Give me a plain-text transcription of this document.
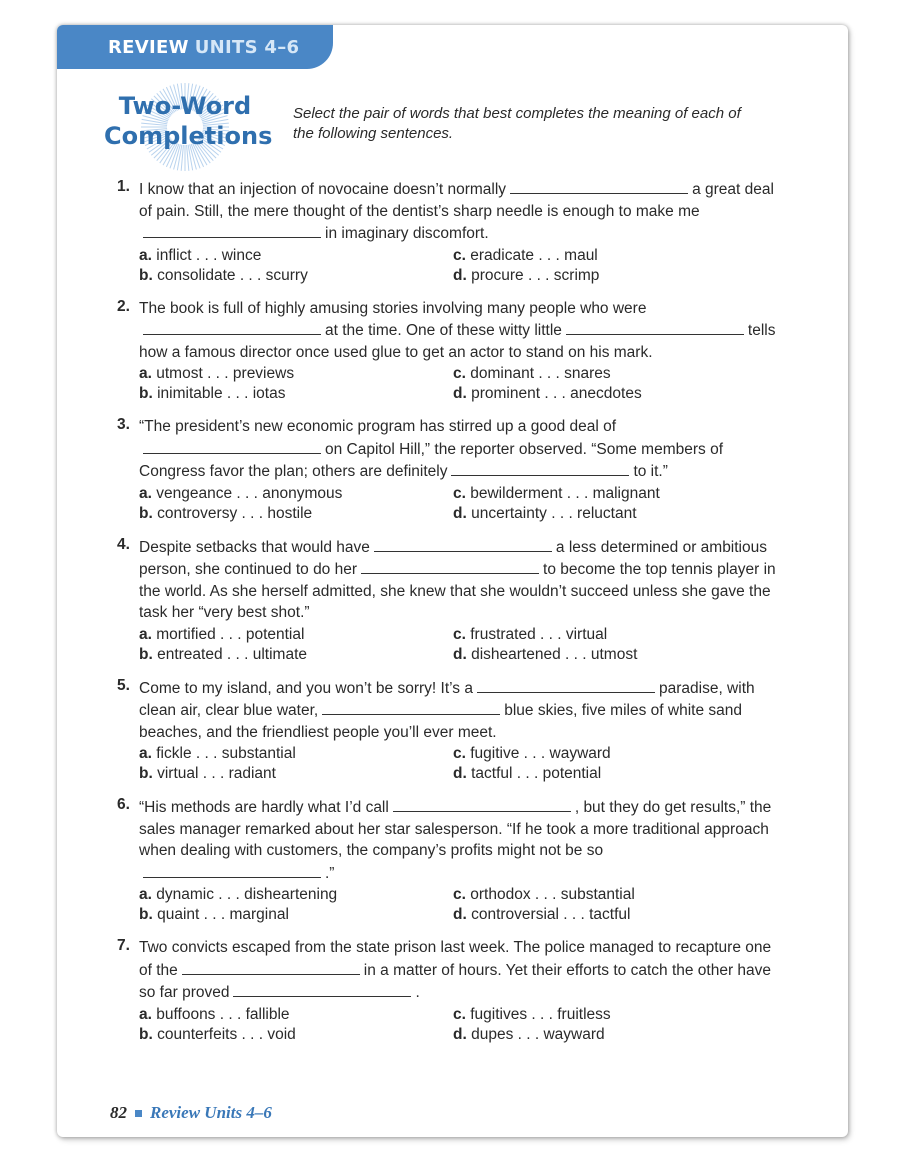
REVIEW UNITS 4–6
Two-Word
Completions
Select the pair of words that best completes the meaning of each of the following sentences.
1. I know that an injection of novocaine doesn’t normally	a great deal of pain. Still, the mere thought of the dentist’s sharp needle is enough to make mein imaginary discomfort.
a. inflict . . . wince	c. eradicate . . . maul
b. consolidate . . . scurry	d. procure . . . scrimp
2. The book is full of highly amusing stories involving many people who wereat the time. One of these witty little	tells how a famous director once used glue to get an actor to stand on his mark.
a. utmost . . . previews	c. dominant . . . snares
b. inimitable . . . iotas	d. prominent . . . anecdotes
3. “The president’s new economic program has stirred up a good deal ofon Capitol Hill,” the reporter observed. “Some members of Congress favor the plan; others are definitely	to it.”
a. vengeance . . . anonymous	c. bewilderment . . . malignant
b. controversy . . . hostile	d. uncertainty . . . reluctant
4. Despite setbacks that would have	a less determined or ambitious person, she continued to do her	to become the top tennis player in the world. As she herself admitted, she knew that she wouldn’t succeed unless she gave the task her “very best shot.”
a. mortified . . . potential	c. frustrated . . . virtual
b. entreated . . . ultimate	d. disheartened . . . utmost
5. Come to my island, and you won’t be sorry! It’s a	paradise, with clean air, clear blue water,	blue skies, five miles of white sand beaches, and the friendliest people you’ll ever meet.
a. fickle . . . substantial	c. fugitive . . . wayward
b. virtual . . . radiant	d. tactful . . . potential
6. “His methods are hardly what I’d call	, but they do get results,” the sales manager remarked about her star salesperson. “If he took a more traditional approach when dealing with customers, the company’s profits might not be so.”
a. dynamic . . . disheartening	c. orthodox . . . substantial
b. quaint . . . marginal	d. controversial . . . tactful
7. Two convicts escaped from the state prison last week. The police managed to recapture one of the	in a matter of hours. Yet their efforts to catch the other have so far proved	.
a. buffoons . . . fallible	c. fugitives . . . fruitless
b. counterfeits . . . void	d. dupes . . . wayward
82 Review Units 4–6
